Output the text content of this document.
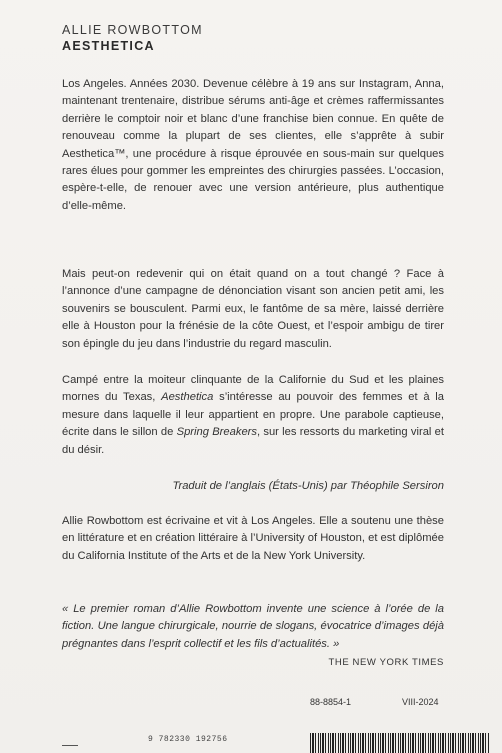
ALLIE ROWBOTTOM
AESTHETICA

Los Angeles. Années 2030. Devenue célèbre à 19 ans sur Instagram, Anna, maintenant trentenaire, distribue sérums anti-âge et crèmes raffermissantes derrière le comptoir noir et blanc d’une franchise bien connue. En quête de renouveau comme la plupart de ses clientes, elle s’apprête à subir Aesthetica™, une procédure à risque éprouvée en sous-main sur quelques rares élues pour gommer les empreintes des chirurgies passées. L’occasion, espère-t-elle, de renouer avec une version antérieure, plus authentique d’elle-même.

Mais peut-on redevenir qui on était quand on a tout changé ? Face à l’annonce d’une campagne de dénonciation visant son ancien petit ami, les souvenirs se bousculent. Parmi eux, le fantôme de sa mère, laissé derrière elle à Houston pour la frénésie de la côte Ouest, et l’espoir ambigu de tirer son épingle du jeu dans l’industrie du regard masculin.

Campé entre la moiteur clinquante de la Californie du Sud et les plaines mornes du Texas, Aesthetica s’intéresse au pouvoir des femmes et à la mesure dans laquelle il leur appartient en propre. Une parabole captieuse, écrite dans le sillon de Spring Breakers, sur les ressorts du marketing viral et du désir.

Traduit de l’anglais (États-Unis) par Théophile Sersiron

Allie Rowbottom est écrivaine et vit à Los Angeles. Elle a soutenu une thèse en littérature et en création littéraire à l’University of Houston, et est diplômée du California Institute of the Arts et de la New York University.

« Le premier roman d’Allie Rowbottom invente une science à l’orée de la fiction. Une langue chirurgicale, nourrie de slogans, évocatrice d’images déjà prégnantes dans l’esprit collectif et les fils d’actualités. »
THE NEW YORK TIMES
88-8854-1	VIII-2024
9 782330 192756
